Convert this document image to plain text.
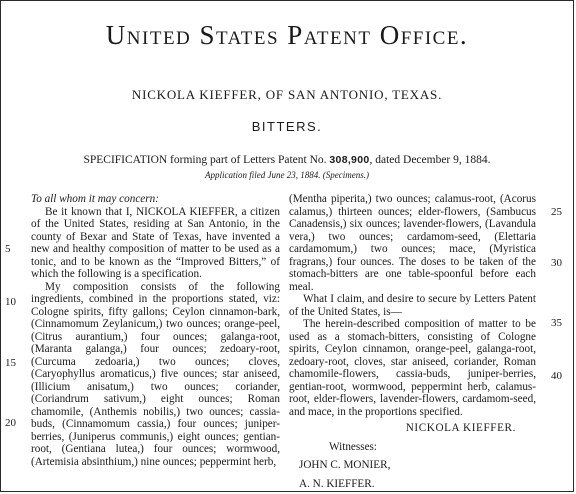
United States Patent Office.
NICKOLA KIEFFER, OF SAN ANTONIO, TEXAS.
BITTERS.
SPECIFICATION forming part of Letters Patent No. 308,900, dated December 9, 1884.
Application filed June 23, 1884. (Specimens.)

To all whom it may concern:

Be it known that I, NICKOLA KIEFFER, a citizen of the United States, residing at San Antonio, in the county of Bexar and State of Texas, have invented a new and healthy composition of matter to be used as a tonic, and to be known as the “Improved Bitters,” of which the following is a specification.

My composition consists of the following ingredients, combined in the proportions stated, viz: Cologne spirits, fifty gallons; Ceylon cinnamon-bark, (Cinnamomum Zeylanicum,) two ounces; orange-peel, (Citrus aurantium,) four ounces; galanga-root, (Maranta galanga,) four ounces; zedoary-root, (Curcuma zedoaria,) two ounces; cloves, (Caryophyllus aromaticus,) five ounces; star aniseed, (Illicium anisatum,) two ounces; coriander, (Coriandrum sativum,) eight ounces; Roman chamomile, (Anthemis nobilis,) two ounces; cassia-buds, (Cinnamomum cassia,) four ounces; juniper-berries, (Juniperus communis,) eight ounces; gentian-root, (Gentiana lutea,) four ounces; wormwood, (Artemisia absinthium,) nine ounces; peppermint herb,

(Mentha piperita,) two ounces; calamus-root, (Acorus calamus,) thirteen ounces; elder-flowers, (Sambucus Canadensis,) six ounces; lavender-flowers, (Lavandula vera,) two ounces; cardamom-seed, (Elettaria cardamomum,) two ounces; mace, (Myristica fragrans,) four ounces. The doses to be taken of the stomach-bitters are one table-spoonful before each meal.

What I claim, and desire to secure by Letters Patent of the United States, is—

The herein-described composition of matter to be used as a stomach-bitters, consisting of Cologne spirits, Ceylon cinnamon, orange-peel, galanga-root, zedoary-root, cloves, star aniseed, coriander, Roman chamomile-flowers, cassia-buds, juniper-berries, gentian-root, wormwood, peppermint herb, calamus-root, elder-flowers, lavender-flowers, cardamom-seed, and mace, in the proportions specified.

NICKOLA KIEFFER.

Witnesses:

JOHN C. MONIER,

A. N. KIEFFER.

5
10
15
20
25
30
35
40
